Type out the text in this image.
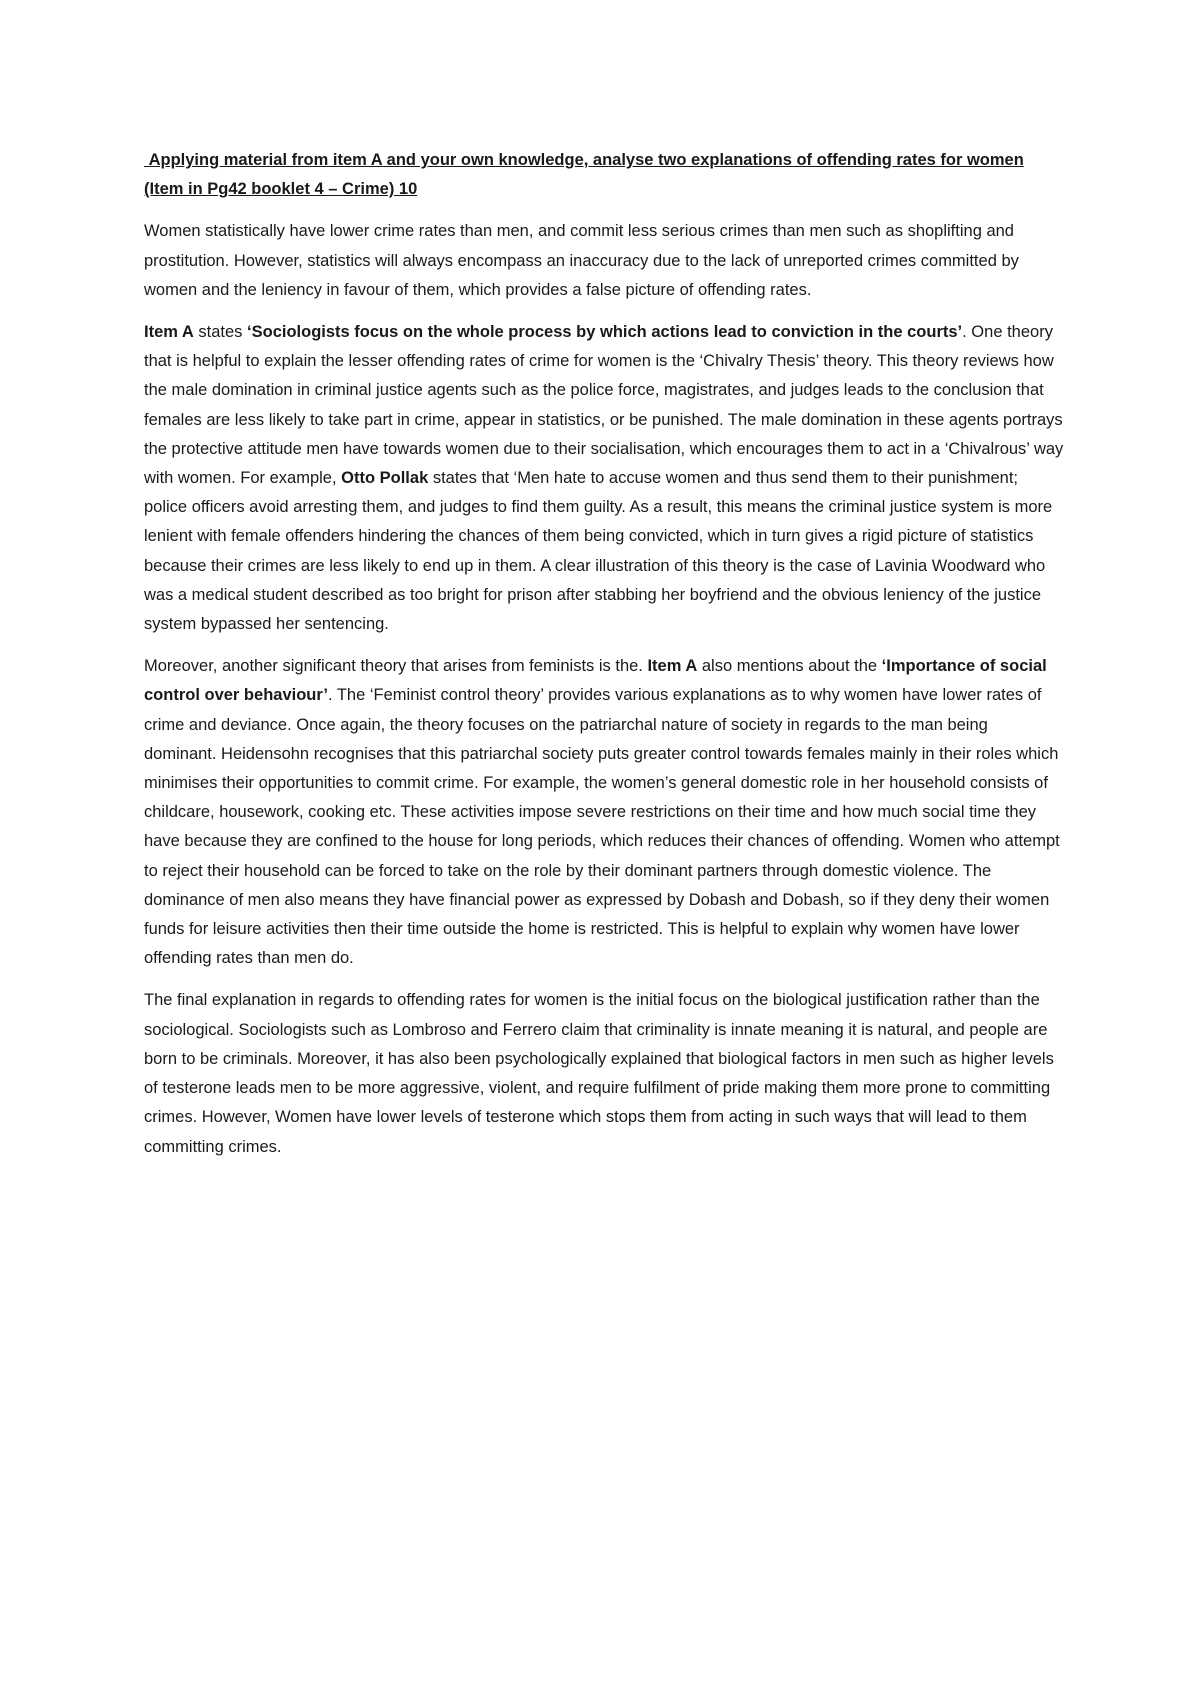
Applying material from item A and your own knowledge, analyse two explanations of offending rates for women (Item in Pg42 booklet 4 – Crime) 10

Women statistically have lower crime rates than men, and commit less serious crimes than men such as shoplifting and prostitution. However, statistics will always encompass an inaccuracy due to the lack of unreported crimes committed by women and the leniency in favour of them, which provides a false picture of offending rates.

Item A states ‘Sociologists focus on the whole process by which actions lead to conviction in the courts’. One theory that is helpful to explain the lesser offending rates of crime for women is the ‘Chivalry Thesis’ theory. This theory reviews how the male domination in criminal justice agents such as the police force, magistrates, and judges leads to the conclusion that females are less likely to take part in crime, appear in statistics, or be punished. The male domination in these agents portrays the protective attitude men have towards women due to their socialisation, which encourages them to act in a ‘Chivalrous’ way with women. For example, Otto Pollak states that ‘Men hate to accuse women and thus send them to their punishment; police officers avoid arresting them, and judges to find them guilty. As a result, this means the criminal justice system is more lenient with female offenders hindering the chances of them being convicted, which in turn gives a rigid picture of statistics because their crimes are less likely to end up in them. A clear illustration of this theory is the case of Lavinia Woodward who was a medical student described as too bright for prison after stabbing her boyfriend and the obvious leniency of the justice system bypassed her sentencing.

Moreover, another significant theory that arises from feminists is the. Item A also mentions about the ‘Importance of social control over behaviour’. The ‘Feminist control theory’ provides various explanations as to why women have lower rates of crime and deviance. Once again, the theory focuses on the patriarchal nature of society in regards to the man being dominant. Heidensohn recognises that this patriarchal society puts greater control towards females mainly in their roles which minimises their opportunities to commit crime. For example, the women’s general domestic role in her household consists of childcare, housework, cooking etc. These activities impose severe restrictions on their time and how much social time they have because they are confined to the house for long periods, which reduces their chances of offending. Women who attempt to reject their household can be forced to take on the role by their dominant partners through domestic violence. The dominance of men also means they have financial power as expressed by Dobash and Dobash, so if they deny their women funds for leisure activities then their time outside the home is restricted. This is helpful to explain why women have lower offending rates than men do.

The final explanation in regards to offending rates for women is the initial focus on the biological justification rather than the sociological. Sociologists such as Lombroso and Ferrero claim that criminality is innate meaning it is natural, and people are born to be criminals. Moreover, it has also been psychologically explained that biological factors in men such as higher levels of testerone leads men to be more aggressive, violent, and require fulfilment of pride making them more prone to committing crimes. However, Women have lower levels of testerone which stops them from acting in such ways that will lead to them committing crimes.
